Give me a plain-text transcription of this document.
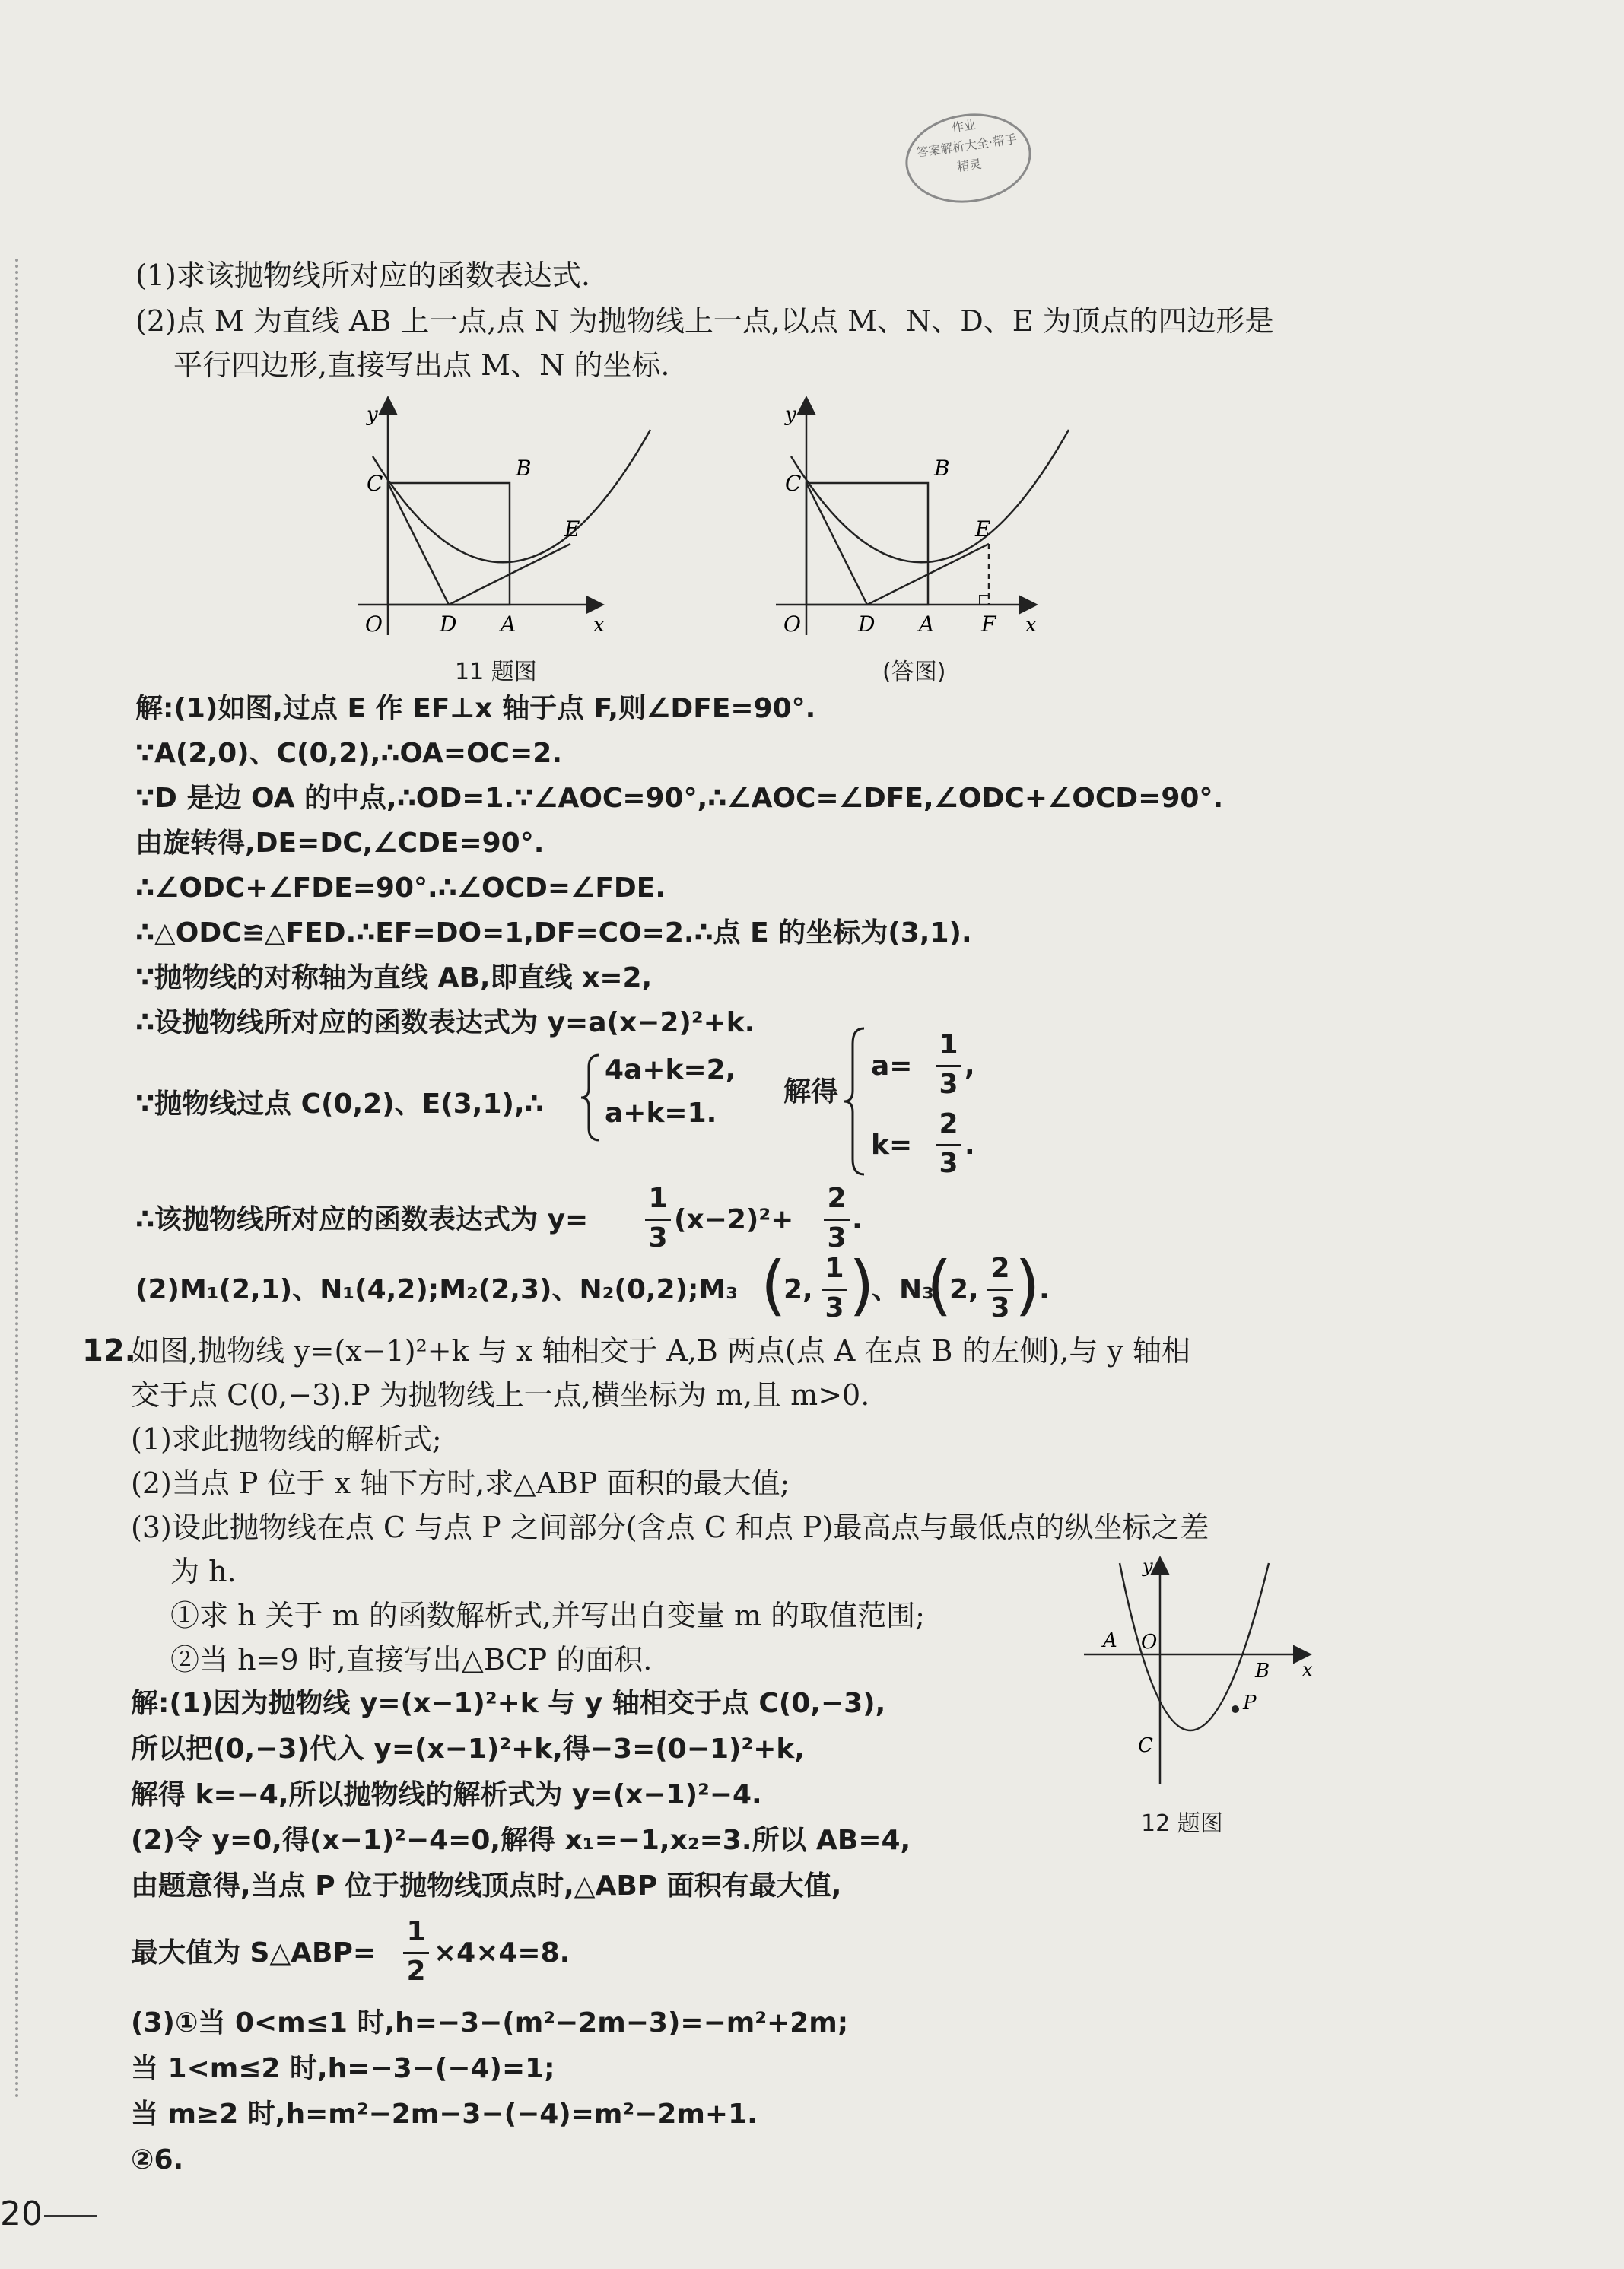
作业
答案解析大全·帮手
精灵
(1)求该抛物线所对应的函数表达式.
(2)点 M 为直线 AB 上一点,点 N 为抛物线上一点,以点 M、N、D、E 为顶点的四边形是
平行四边形,直接写出点 M、N 的坐标.
y
C
B
E
O	D A	x
11 题图
y
C
B
E
O	D A F x
(答图)
解:(1)如图,过点 E 作 EF⊥x 轴于点 F,则∠DFE=90°.
∵A(2,0)、C(0,2),∴OA=OC=2.
∵D 是边 OA 的中点,∴OD=1.∵∠AOC=90°,∴∠AOC=∠DFE,∠ODC+∠OCD=90°.
由旋转得,DE=DC,∠CDE=90°.
∴∠ODC+∠FDE=90°.∴∠OCD=∠FDE.
∴△ODC≌△FED.∴EF=DO=1,DF=CO=2.∴点 E 的坐标为(3,1).
∵抛物线的对称轴为直线 AB,即直线 x=2,
∴设抛物线所对应的函数表达式为 y=a(x−2)²+k.
∵抛物线过点 C(0,2)、E(3,1),∴
4a+k=2,
a+k=1.
解得
a=
1
3
,
k=
2
3
.
∴该抛物线所对应的函数表达式为 y=
1
3
(x−2)²+
2
3
.
(2)M₁(2,1)、N₁(4,2);M₂(2,3)、N₂(0,2);M₃ (
2,
1
3 )
、N₃
(
2,
2
3 )
.
12.
如图,抛物线 y=(x−1)²+k 与 x 轴相交于 A,B 两点(点 A 在点 B 的左侧),与 y 轴相
交于点 C(0,−3).P 为抛物线上一点,横坐标为 m,且 m>0.
(1)求此抛物线的解析式;
(2)当点 P 位于 x 轴下方时,求△ABP 面积的最大值;
(3)设此抛物线在点 C 与点 P 之间部分(含点 C 和点 P)最高点与最低点的纵坐标之差
为 h.
①求 h 关于 m 的函数解析式,并写出自变量 m 的取值范围;
②当 h=9 时,直接写出△BCP 的面积.
y
A O
B x
C
P
12 题图
解:(1)因为抛物线 y=(x−1)²+k 与 y 轴相交于点 C(0,−3),
所以把(0,−3)代入 y=(x−1)²+k,得−3=(0−1)²+k,
解得 k=−4,所以抛物线的解析式为 y=(x−1)²−4.
(2)令 y=0,得(x−1)²−4=0,解得 x₁=−1,x₂=3.所以 AB=4,
由题意得,当点 P 位于抛物线顶点时,△ABP 面积有最大值,
最大值为 S△ABP=
1
2
×4×4=8.
(3)①当 0<m≤1 时,h=−3−(m²−2m−3)=−m²+2m;
当 1<m≤2 时,h=−3−(−4)=1;
当 m≥2 时,h=m²−2m−3−(−4)=m²−2m+1.
②6.
20
